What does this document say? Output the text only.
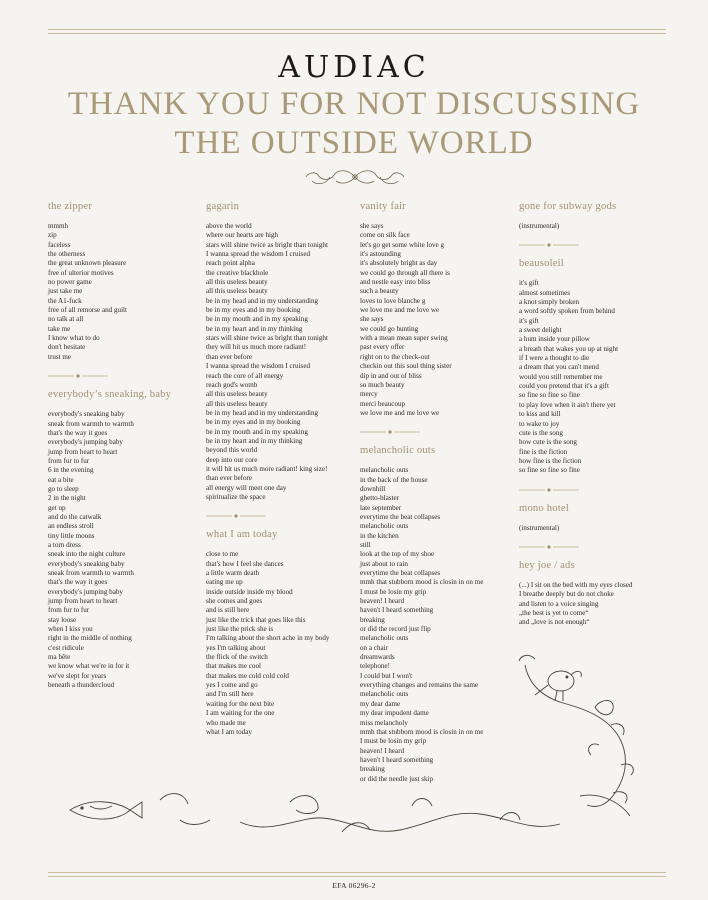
AUDIAC
THANK YOU FOR NOT DISCUSSING
THE OUTSIDE WORLD
the zipper
mmmh
zip
faceless
the otherness
the great unknown pleasure
free of ulterior motives
no power game
just take me
the A1-fuck
free of all remorse and guilt
no talk at all
take me
I know what to do
don't hesitate
trust me
everybody’s sneaking, baby
everybody's sneaking baby
sneak from warmth to warmth
that's the way it goes
everybody's jumping baby
jump from heart to heart
from fur to fur
6 in the evening
eat a bite
go to sleep
2 in the night
get up
and do the catwalk
an endless stroll
tiny little moons
a torn dress
sneak into the night culture
everybody's sneaking baby
sneak from warmth to warmth
that's the way it goes
everybody's jumping baby
jump from heart to heart
from fur to fur
stay loose
when I kiss you
right in the middle of nothing
c'est ridicule
ma bête
we know what we're in for it
we've slept for years
beneath a thundercloud
gagarin
above the world
where our hearts are high
stars will shine twice as bright than tonight
I wanna spread the wisdom I cruised
reach point alpha
the creative blackhole
all this useless beauty
all this useless beauty
be in my head and in my understanding
be in my eyes and in my booking
be in my mouth and in my speaking
be in my heart and in my thinking
stars will shine twice as bright than tonight
they will hit us much more radiant!
than ever before
I wanna spread the wisdom I cruised
reach the core of all energy
reach god's womb
all this useless beauty
all this useless beauty
be in my head and in my understanding
be in my eyes and in my booking
be in my mouth and in my speaking
be in my heart and in my thinking
beyond this world
deep into our core
it will hit us much more radiant! king size!
than ever before
all energy will meet one day
spiritualize the space
what I am today
close to me
that's how I feel she dances
a little warm death
eating me up
inside outside inside my blood
she comes and goes
and is still here
just like the trick that goes like this
just like the prick she is
I'm talking about the short ache in my body
yes I'm talking about
the flick of the switch
that makes me cool
that makes me cold cold cold
yes I come and go
and I'm still here
waiting for the next bite
I am waiting for the one
who made me
what I am today
vanity fair
she says
come on silk face
let's go get some white love g
it's astounding
it's absolutely bright as day
we could go through all there is
and nestle easy into bliss
such a beauty
loves to love blanche g
we love me and me love we
she says
we could go hunting
with a mean mean super swing
past every offer
right on to the check-out
checkin out this soul thing sister
dip in and out of bliss
so much beauty
mercy
merci beaucoup
we love me and me love we
melancholic outs
melancholic outs
in the back of the house
downhill
ghetto-blaster
late september
everytime the beat collapses
melancholic outs
in the kitchen
still
look at the top of my shoe
just about to rain
everytime the beat collapses
mmh that stubborn mood is closin in on me
I must be losin my grip
heaven! I heard
haven't I heard something
breaking
or did the record just flip
melancholic outs
on a chair
dreamwards
telephone!
I could but I won't
everything changes and remains the same
melancholic outs
my dear dame
my dear impudent dame
miss melancholy
mmh that stubborn mood is closin in on me
I must be losin my grip
heaven! I heard
haven't I heard something
breaking
or did the needle just skip
gone for subway gods
(instrumental)
beausoleil
it's gift
almost sometimes
a knot simply broken
a word softly spoken from behind
it's gift
a sweet delight
a hum inside your pillow
a breath that wakes you up at night
if I were a thought to die
a dream that you can't mend
would you still remember me
could you pretend that it's a gift
so fine so fine so fine
to play love when it ain't there yet
to kiss and kill
to wake to joy
cute is the song
how cute is the song
fine is the fiction
how fine is the fiction
so fine so fine so fine
mono hotel
(instrumental)
hey joe / ads
(...) I sit on the bed with my eyes closed
I breathe deeply but do not choke
and listen to a voice singing
„the best is yet to come“
and „love is not enough“
EFA 06296-2
